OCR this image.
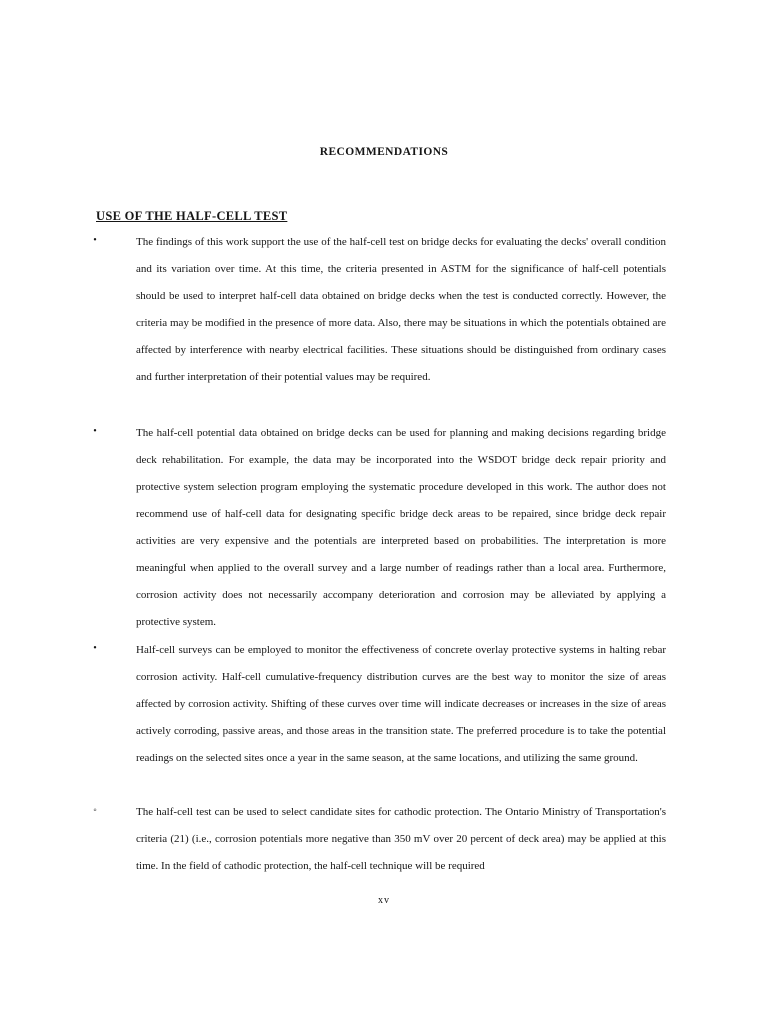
RECOMMENDATIONS
USE OF THE HALF-CELL TEST
•	The findings of this work support the use of the half-cell test on bridge decks for evaluating the decks' overall condition and its variation over time. At this time, the criteria presented in ASTM for the significance of half-cell potentials should be used to interpret half-cell data obtained on bridge decks when the test is conducted correctly. However, the criteria may be modified in the presence of more data. Also, there may be situations in which the potentials obtained are affected by interference with nearby electrical facilities. These situations should be distinguished from ordinary cases and further interpretation of their potential values may be required.

•	The half-cell potential data obtained on bridge decks can be used for planning and making decisions regarding bridge deck rehabilitation. For example, the data may be incorporated into the WSDOT bridge deck repair priority and protective system selection program employing the systematic procedure developed in this work. The author does not recommend use of half-cell data for designating specific bridge deck areas to be repaired, since bridge deck repair activities are very expensive and the potentials are interpreted based on probabilities. The interpretation is more meaningful when applied to the overall survey and a large number of readings rather than a local area. Furthermore, corrosion activity does not necessarily accompany deterioration and corrosion may be alleviated by applying a protective system.

•	Half-cell surveys can be employed to monitor the effectiveness of concrete overlay protective systems in halting rebar corrosion activity. Half-cell cumulative-frequency distribution curves are the best way to monitor the size of areas affected by corrosion activity. Shifting of these curves over time will indicate decreases or increases in the size of areas actively corroding, passive areas, and those areas in the transition state. The preferred procedure is to take the potential readings on the selected sites once a year in the same season, at the same locations, and utilizing the same ground.

◦	The half-cell test can be used to select candidate sites for cathodic protection. The Ontario Ministry of Transportation's criteria (21) (i.e., corrosion potentials more negative than 350 mV over 20 percent of deck area) may be applied at this time. In the field of cathodic protection, the half-cell technique will be required

xv
